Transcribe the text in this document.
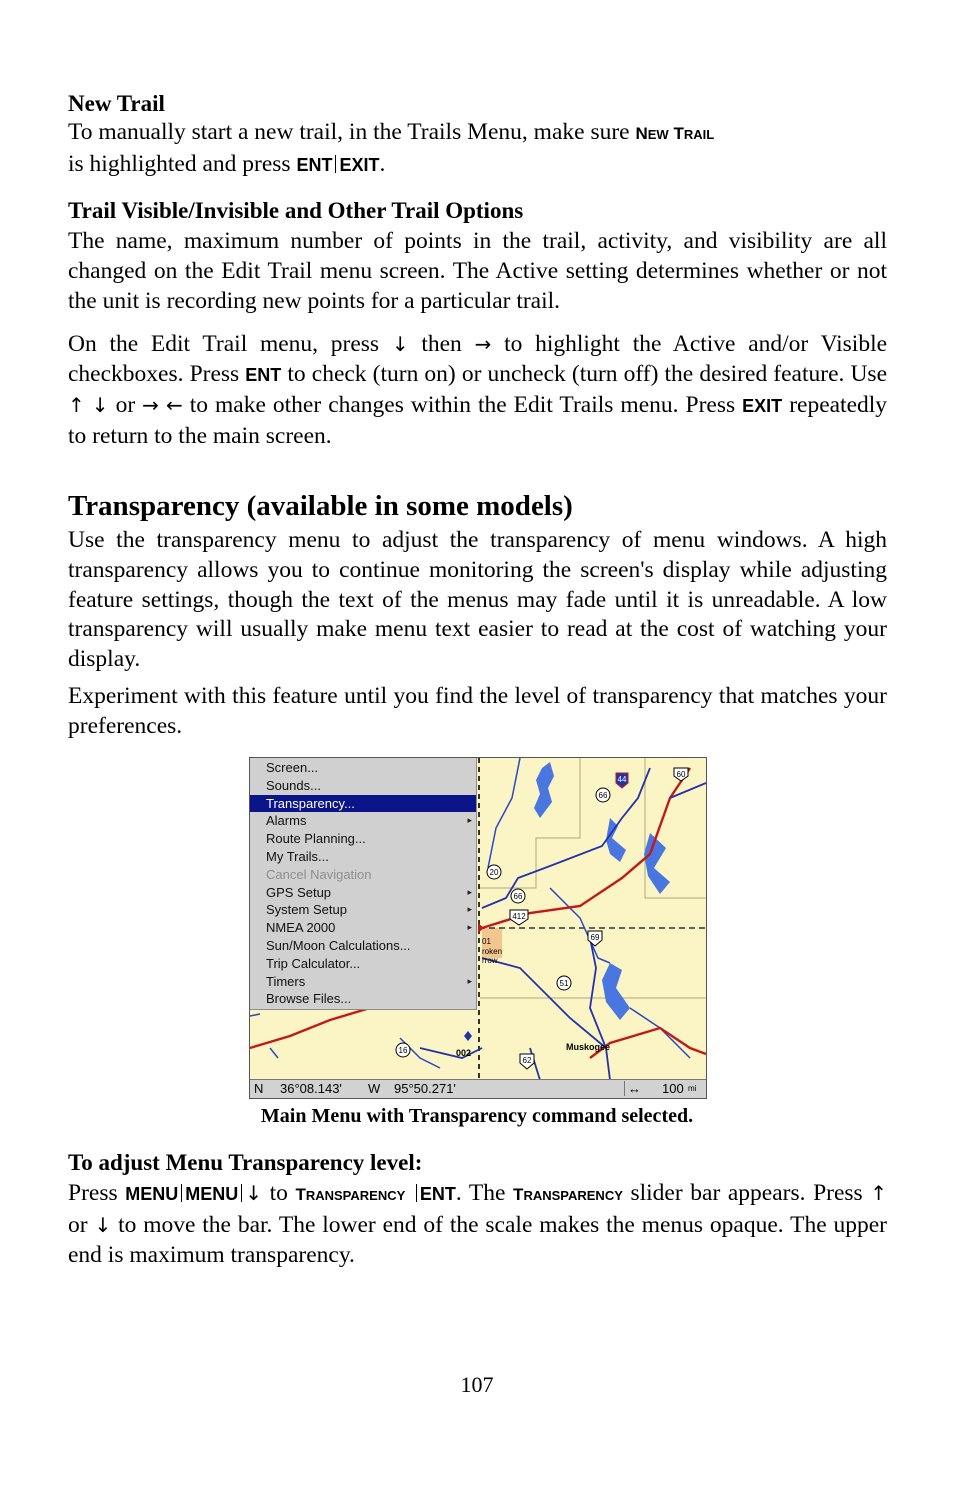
New Trail

To manually start a new trail, in the Trails Menu, make sure NEW TRAIL
is highlighted and press ENT EXIT.

Trail Visible/Invisible and Other Trail Options

The name, maximum number of points in the trail, activity, and visibility are all changed on the Edit Trail menu screen. The Active setting determines whether or not the unit is recording new points for a particular trail.

On the Edit Trail menu, press ↓ then → to highlight the Active and/or Visible checkboxes. Press ENT to check (turn on) or uncheck (turn off) the desired feature. Use ↑ ↓ or → ← to make other changes within the Edit Trails menu. Press EXIT repeatedly to return to the main screen.

Transparency (available in some models)

Use the transparency menu to adjust the transparency of menu windows. A high transparency allows you to continue monitoring the screen's display while adjusting feature settings, though the text of the menus may fade until it is unreadable. A low transparency will usually make menu text easier to read at the cost of watching your display.

Experiment with this feature until you find the level of transparency that matches your preferences.

66
44
60
20
66
412
69
51
16
62
01
roken
rrow
002
Muskogee
Screen...
Sounds...
Transparency...
Alarms	▸
Route Planning...
My Trails...
Cancel Navigation
GPS Setup	▸
System Setup	▸
NMEA 2000	▸
Sun/Moon Calculations...
Trip Calculator...
Timers	▸
Browse Files...
N 36°08.143' W 95°50.271'	↔ 100 mi
Main Menu with Transparency command selected.

To adjust Menu Transparency level:

Press MENU MENU ↓ to TRANSPARENCY ENT. The TRANSPARENCY slider bar appears. Press ↑ or ↓ to move the bar. The lower end of the scale makes the menus opaque. The upper end is maximum transparency.

107
